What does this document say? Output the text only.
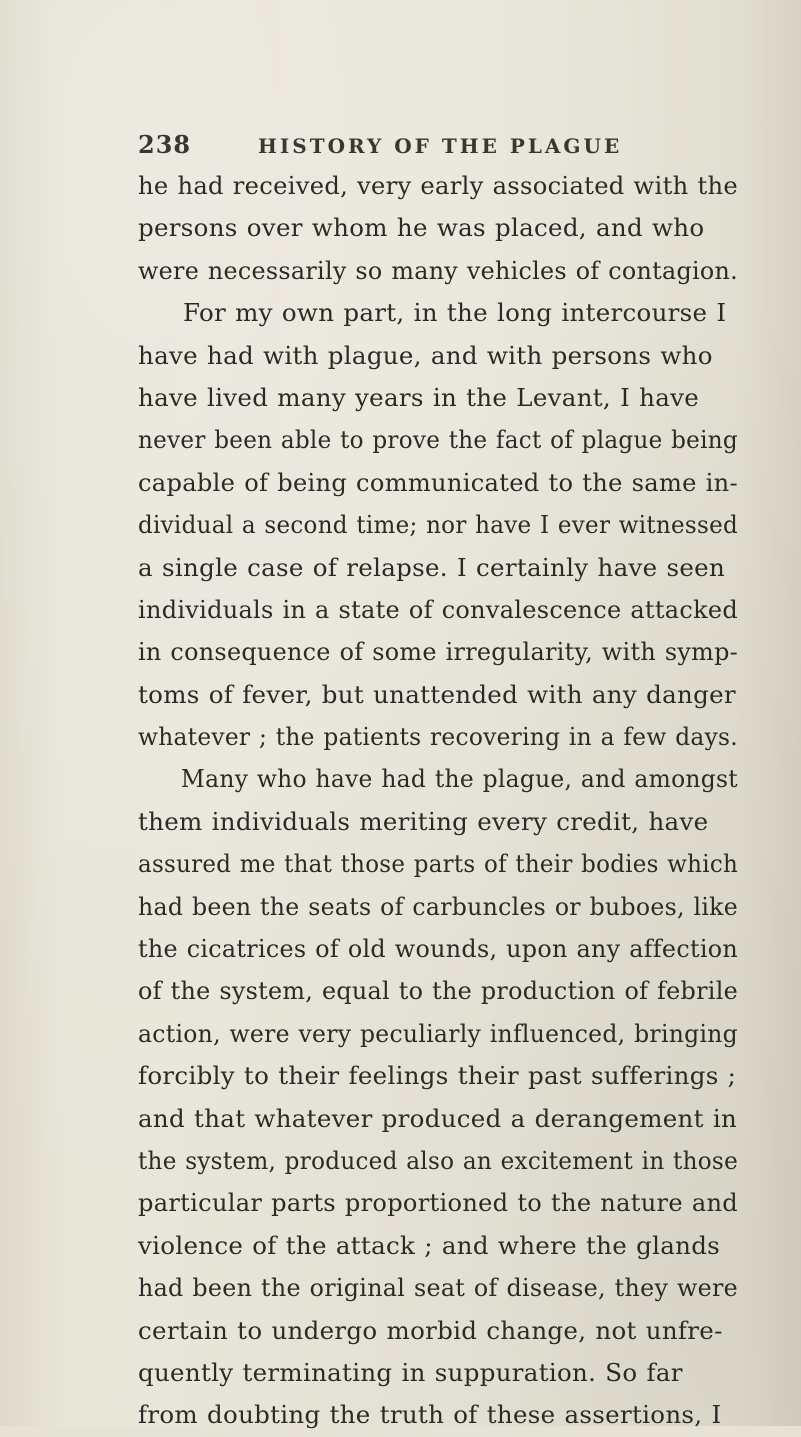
238	HISTORY OF THE PLAGUE
he had received, very early associated with the
persons over whom he was placed, and who
were necessarily so many vehicles of contagion.
For my own part, in the long intercourse I
have had with plague, and with persons who
have lived many years in the Levant, I have
never been able to prove the fact of plague being
capable of being communicated to the same in-
dividual a second time; nor have I ever witnessed
a single case of relapse. I certainly have seen
individuals in a state of convalescence attacked
in consequence of some irregularity, with symp-
toms of fever, but unattended with any danger
whatever ; the patients recovering in a few days.
Many who have had the plague, and amongst
them individuals meriting every credit, have
assured me that those parts of their bodies which
had been the seats of carbuncles or buboes, like
the cicatrices of old wounds, upon any affection
of the system, equal to the production of febrile
action, were very peculiarly influenced, bringing
forcibly to their feelings their past sufferings ;
and that whatever produced a derangement in
the system, produced also an excitement in those
particular parts proportioned to the nature and
violence of the attack ; and where the glands
had been the original seat of disease, they were
certain to undergo morbid change, not unfre-
quently terminating in suppuration. So far
from doubting the truth of these assertions, I
